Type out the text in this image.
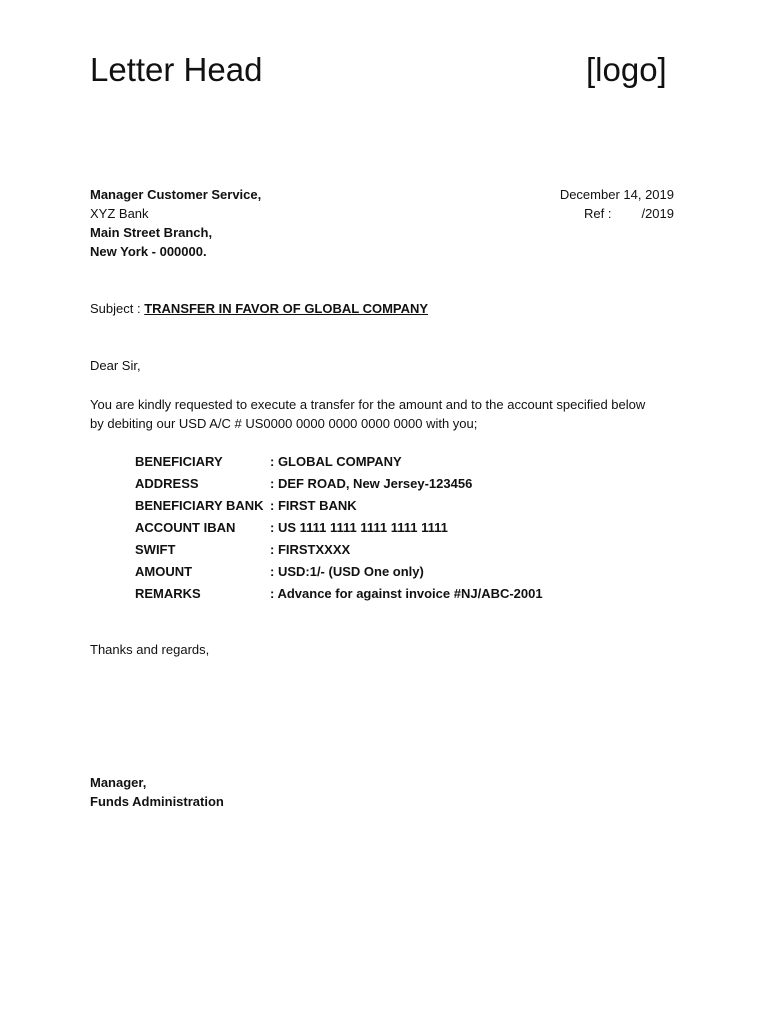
Letter Head	[logo]
Manager Customer Service,
XYZ Bank
Main Street Branch,
New York - 000000.
December 14, 2019
Ref : /2019
Subject : TRANSFER IN FAVOR OF GLOBAL COMPANY
Dear Sir,
You are kindly requested to execute a transfer for the amount and to the account specified below
by debiting our USD A/C # US0000 0000 0000 0000 0000 with you;
BENEFICIARY	: GLOBAL COMPANY
ADDRESS	: DEF ROAD, New Jersey-123456
BENEFICIARY BANK	: FIRST BANK
ACCOUNT IBAN	: US 1111 1111 1111 1111 1111
SWIFT	: FIRSTXXXX
AMOUNT	: USD:1/- (USD One only)
REMARKS	: Advance for against invoice #NJ/ABC-2001
Thanks and regards,
Manager,
Funds Administration
